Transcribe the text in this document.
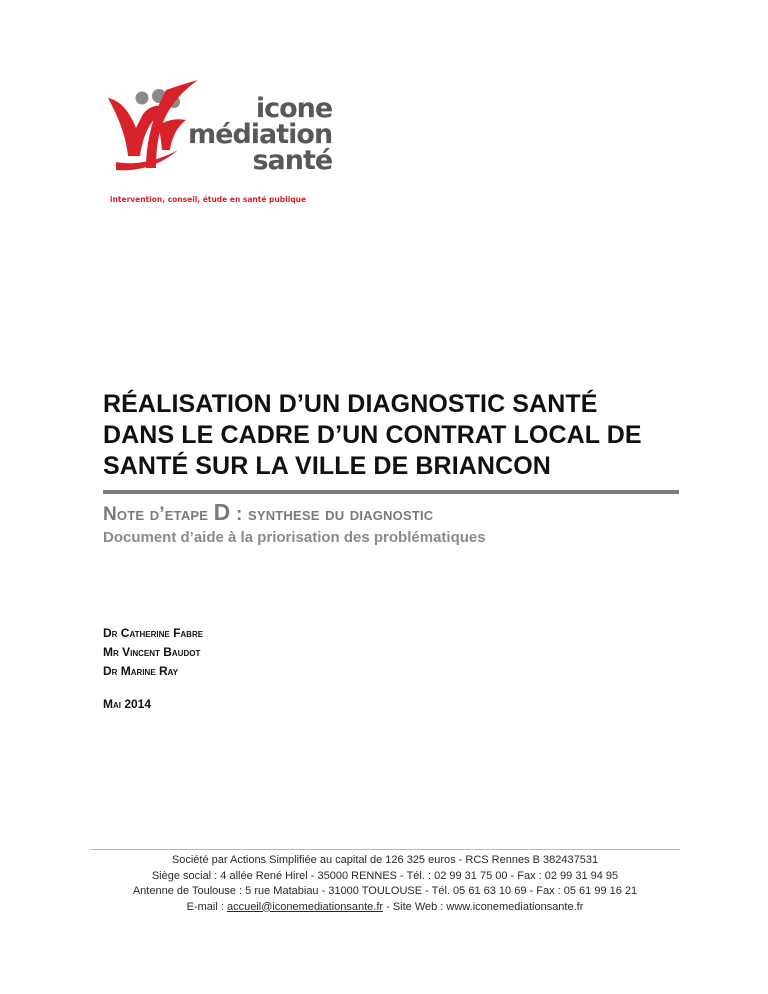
icone
médiation
santé
intervention, conseil, étude en santé publique
RÉALISATION D’UN DIAGNOSTIC SANTÉ DANS LE CADRE D’UN CONTRAT LOCAL DE SANTÉ SUR LA VILLE DE BRIANCON
Note d’etape D : synthese du diagnostic
Document d’aide à la priorisation des problématiques
Dr Catherine Fabre
Mr Vincent Baudot
Dr Marine Ray
Mai 2014
Société par Actions Simplifiée au capital de 126 325 euros - RCS Rennes B 382437531
Siège social : 4 allée René Hirel - 35000 RENNES - Tél. : 02 99 31 75 00 - Fax : 02 99 31 94 95
Antenne de Toulouse : 5 rue Matabiau - 31000 TOULOUSE - Tél. 05 61 63 10 69 - Fax : 05 61 99 16 21
E-mail : accueil@iconemediationsante.fr - Site Web : www.iconemediationsante.fr
